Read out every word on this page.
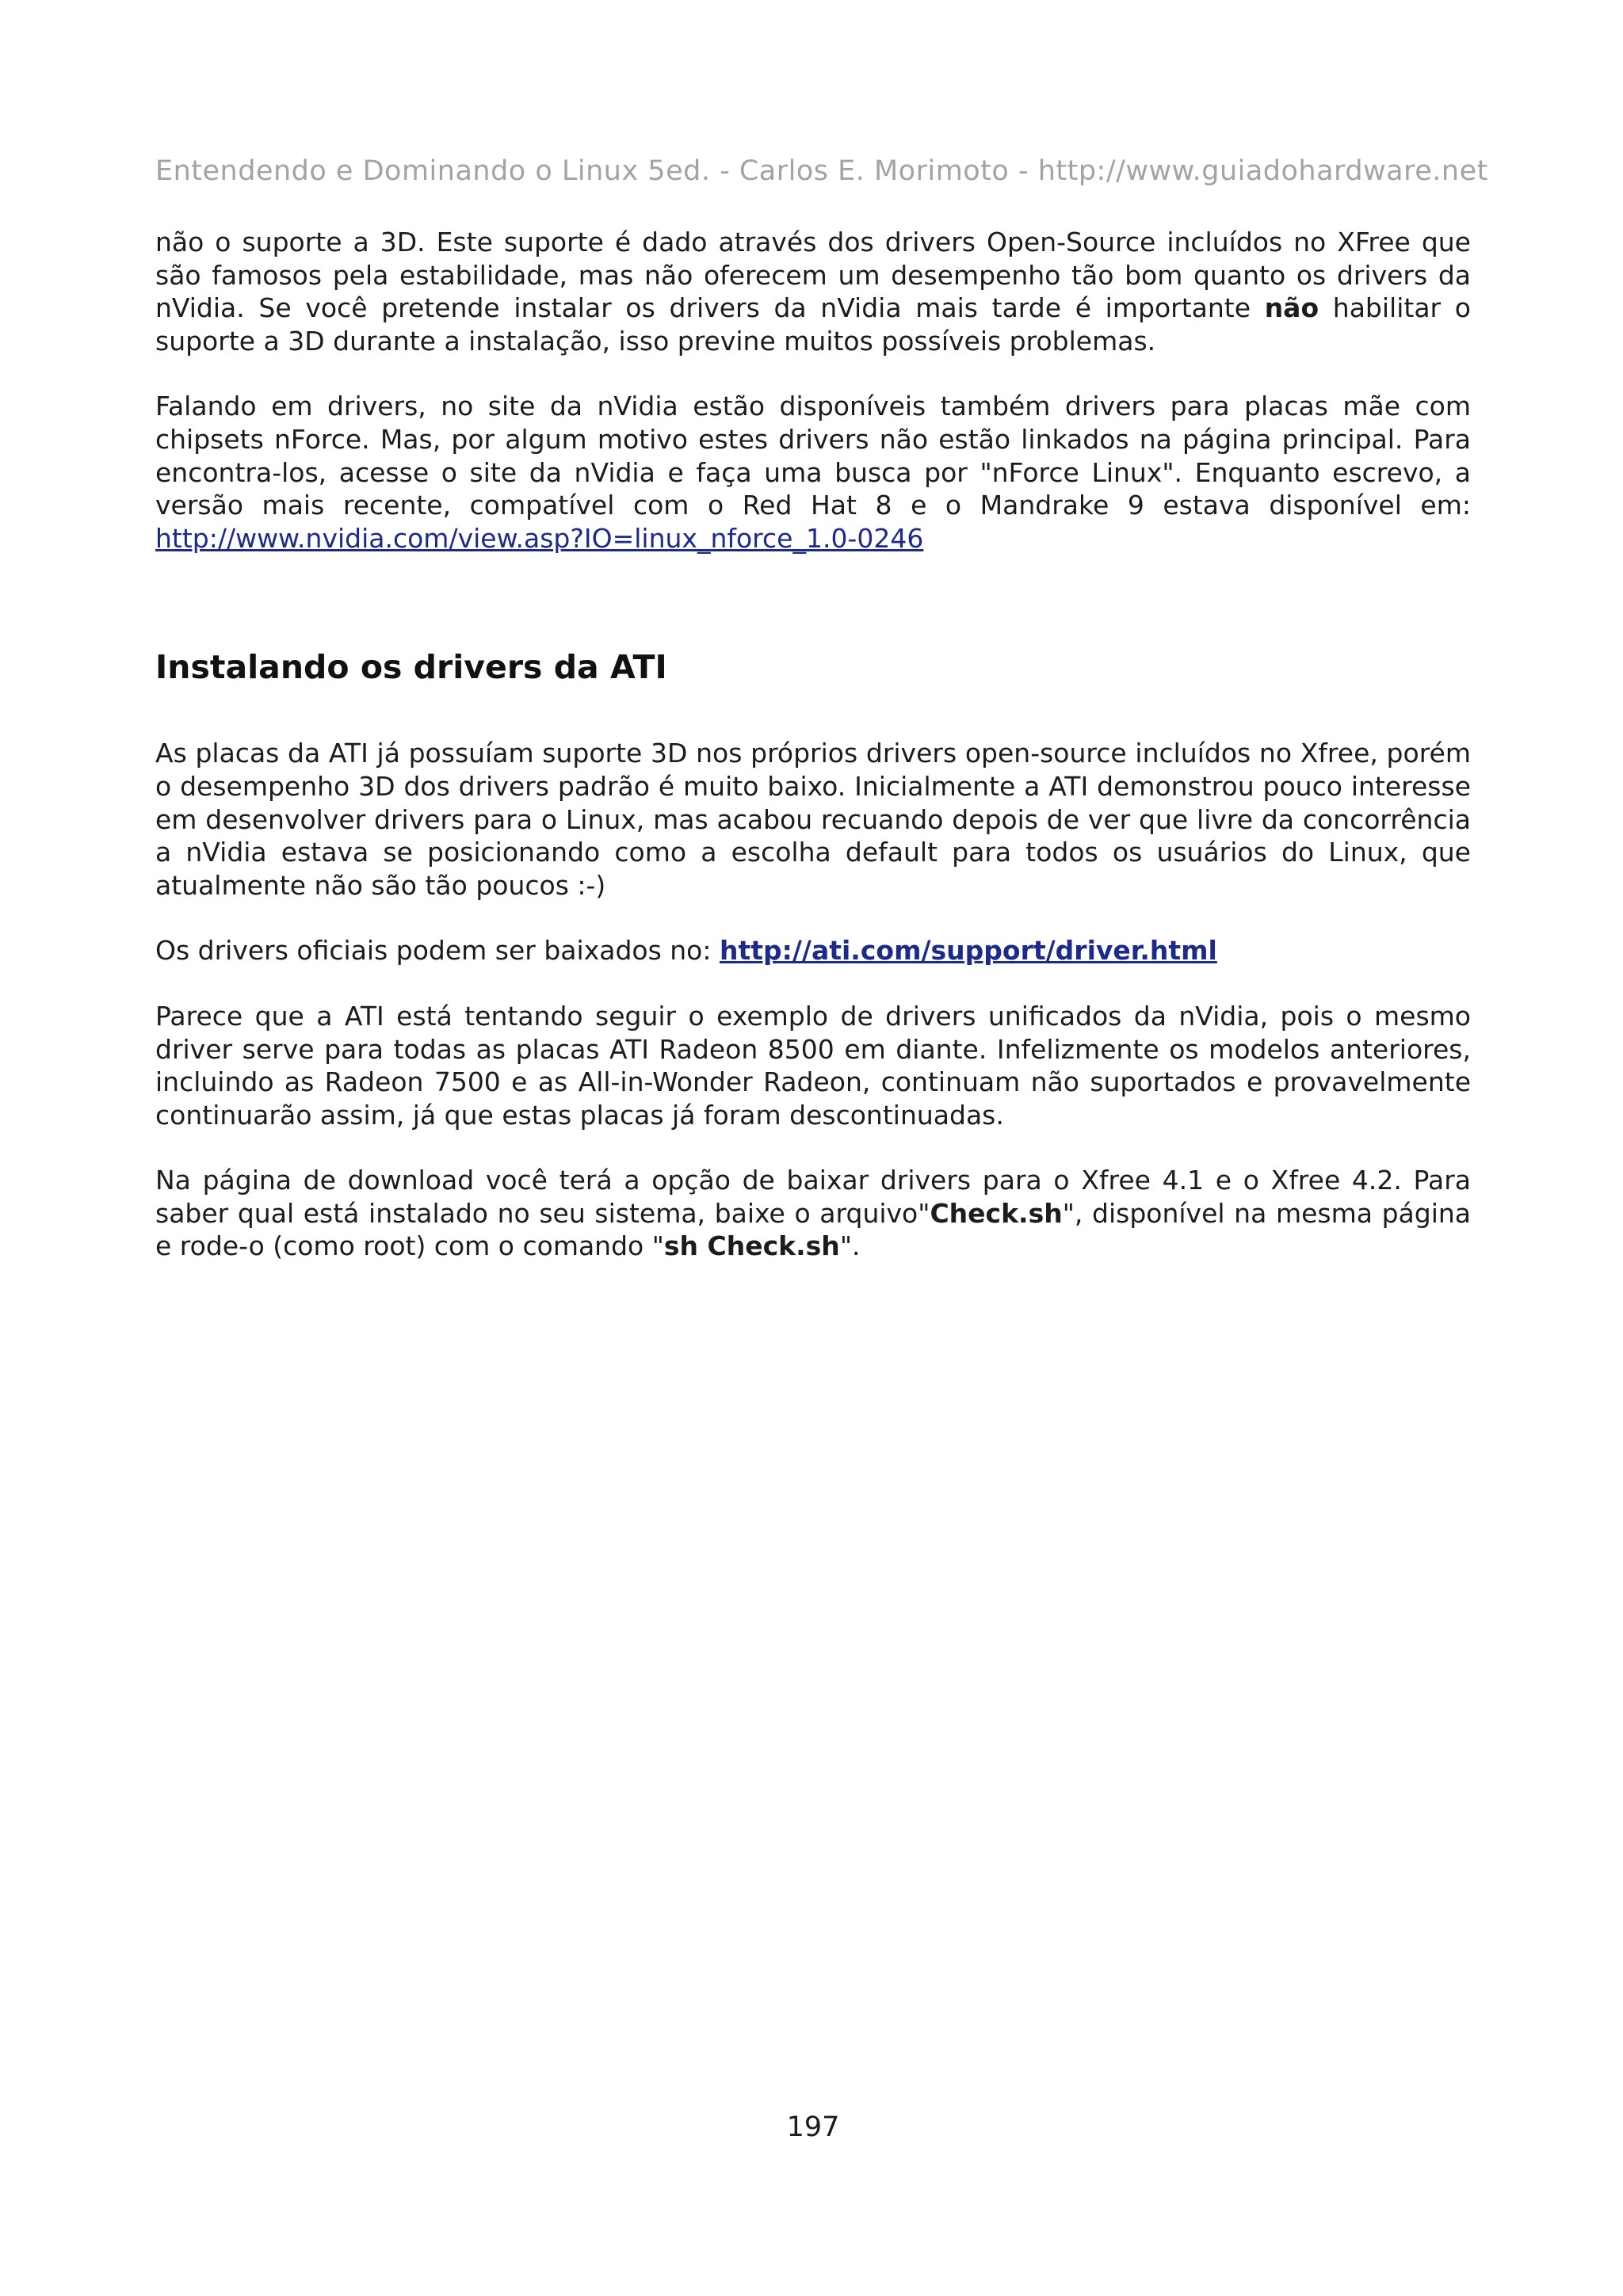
Entendendo e Dominando o Linux 5ed. - Carlos E. Morimoto - http://www.guiadohardware.net

não o suporte a 3D. Este suporte é dado através dos drivers Open-Source incluídos no XFree que são famosos pela estabilidade, mas não oferecem um desempenho tão bom quanto os drivers da nVidia. Se você pretende instalar os drivers da nVidia mais tarde é importante não habilitar o suporte a 3D durante a instalação, isso previne muitos possíveis problemas.

Falando em drivers, no site da nVidia estão disponíveis também drivers para placas mãe com chipsets nForce. Mas, por algum motivo estes drivers não estão linkados na página principal. Para encontra-los, acesse o site da nVidia e faça uma busca por "nForce Linux". Enquanto escrevo, a versão mais recente, compatível com o Red Hat 8 e o Mandrake 9 estava disponível em: http://www.nvidia.com/view.asp?IO=linux_nforce_1.0-0246

Instalando os drivers da ATI

As placas da ATI já possuíam suporte 3D nos próprios drivers open-source incluídos no Xfree, porém o desempenho 3D dos drivers padrão é muito baixo. Inicialmente a ATI demonstrou pouco interesse em desenvolver drivers para o Linux, mas acabou recuando depois de ver que livre da concorrência a nVidia estava se posicionando como a escolha default para todos os usuários do Linux, que atualmente não são tão poucos :-)

Os drivers oficiais podem ser baixados no: http://ati.com/support/driver.html

Parece que a ATI está tentando seguir o exemplo de drivers unificados da nVidia, pois o mesmo driver serve para todas as placas ATI Radeon 8500 em diante. Infelizmente os modelos anteriores, incluindo as Radeon 7500 e as All-in-Wonder Radeon, continuam não suportados e provavelmente continuarão assim, já que estas placas já foram descontinuadas.

Na página de download você terá a opção de baixar drivers para o Xfree 4.1 e o Xfree 4.2. Para saber qual está instalado no seu sistema, baixe o arquivo"Check.sh", disponível na mesma página e rode-o (como root) com o comando "sh Check.sh".

197
